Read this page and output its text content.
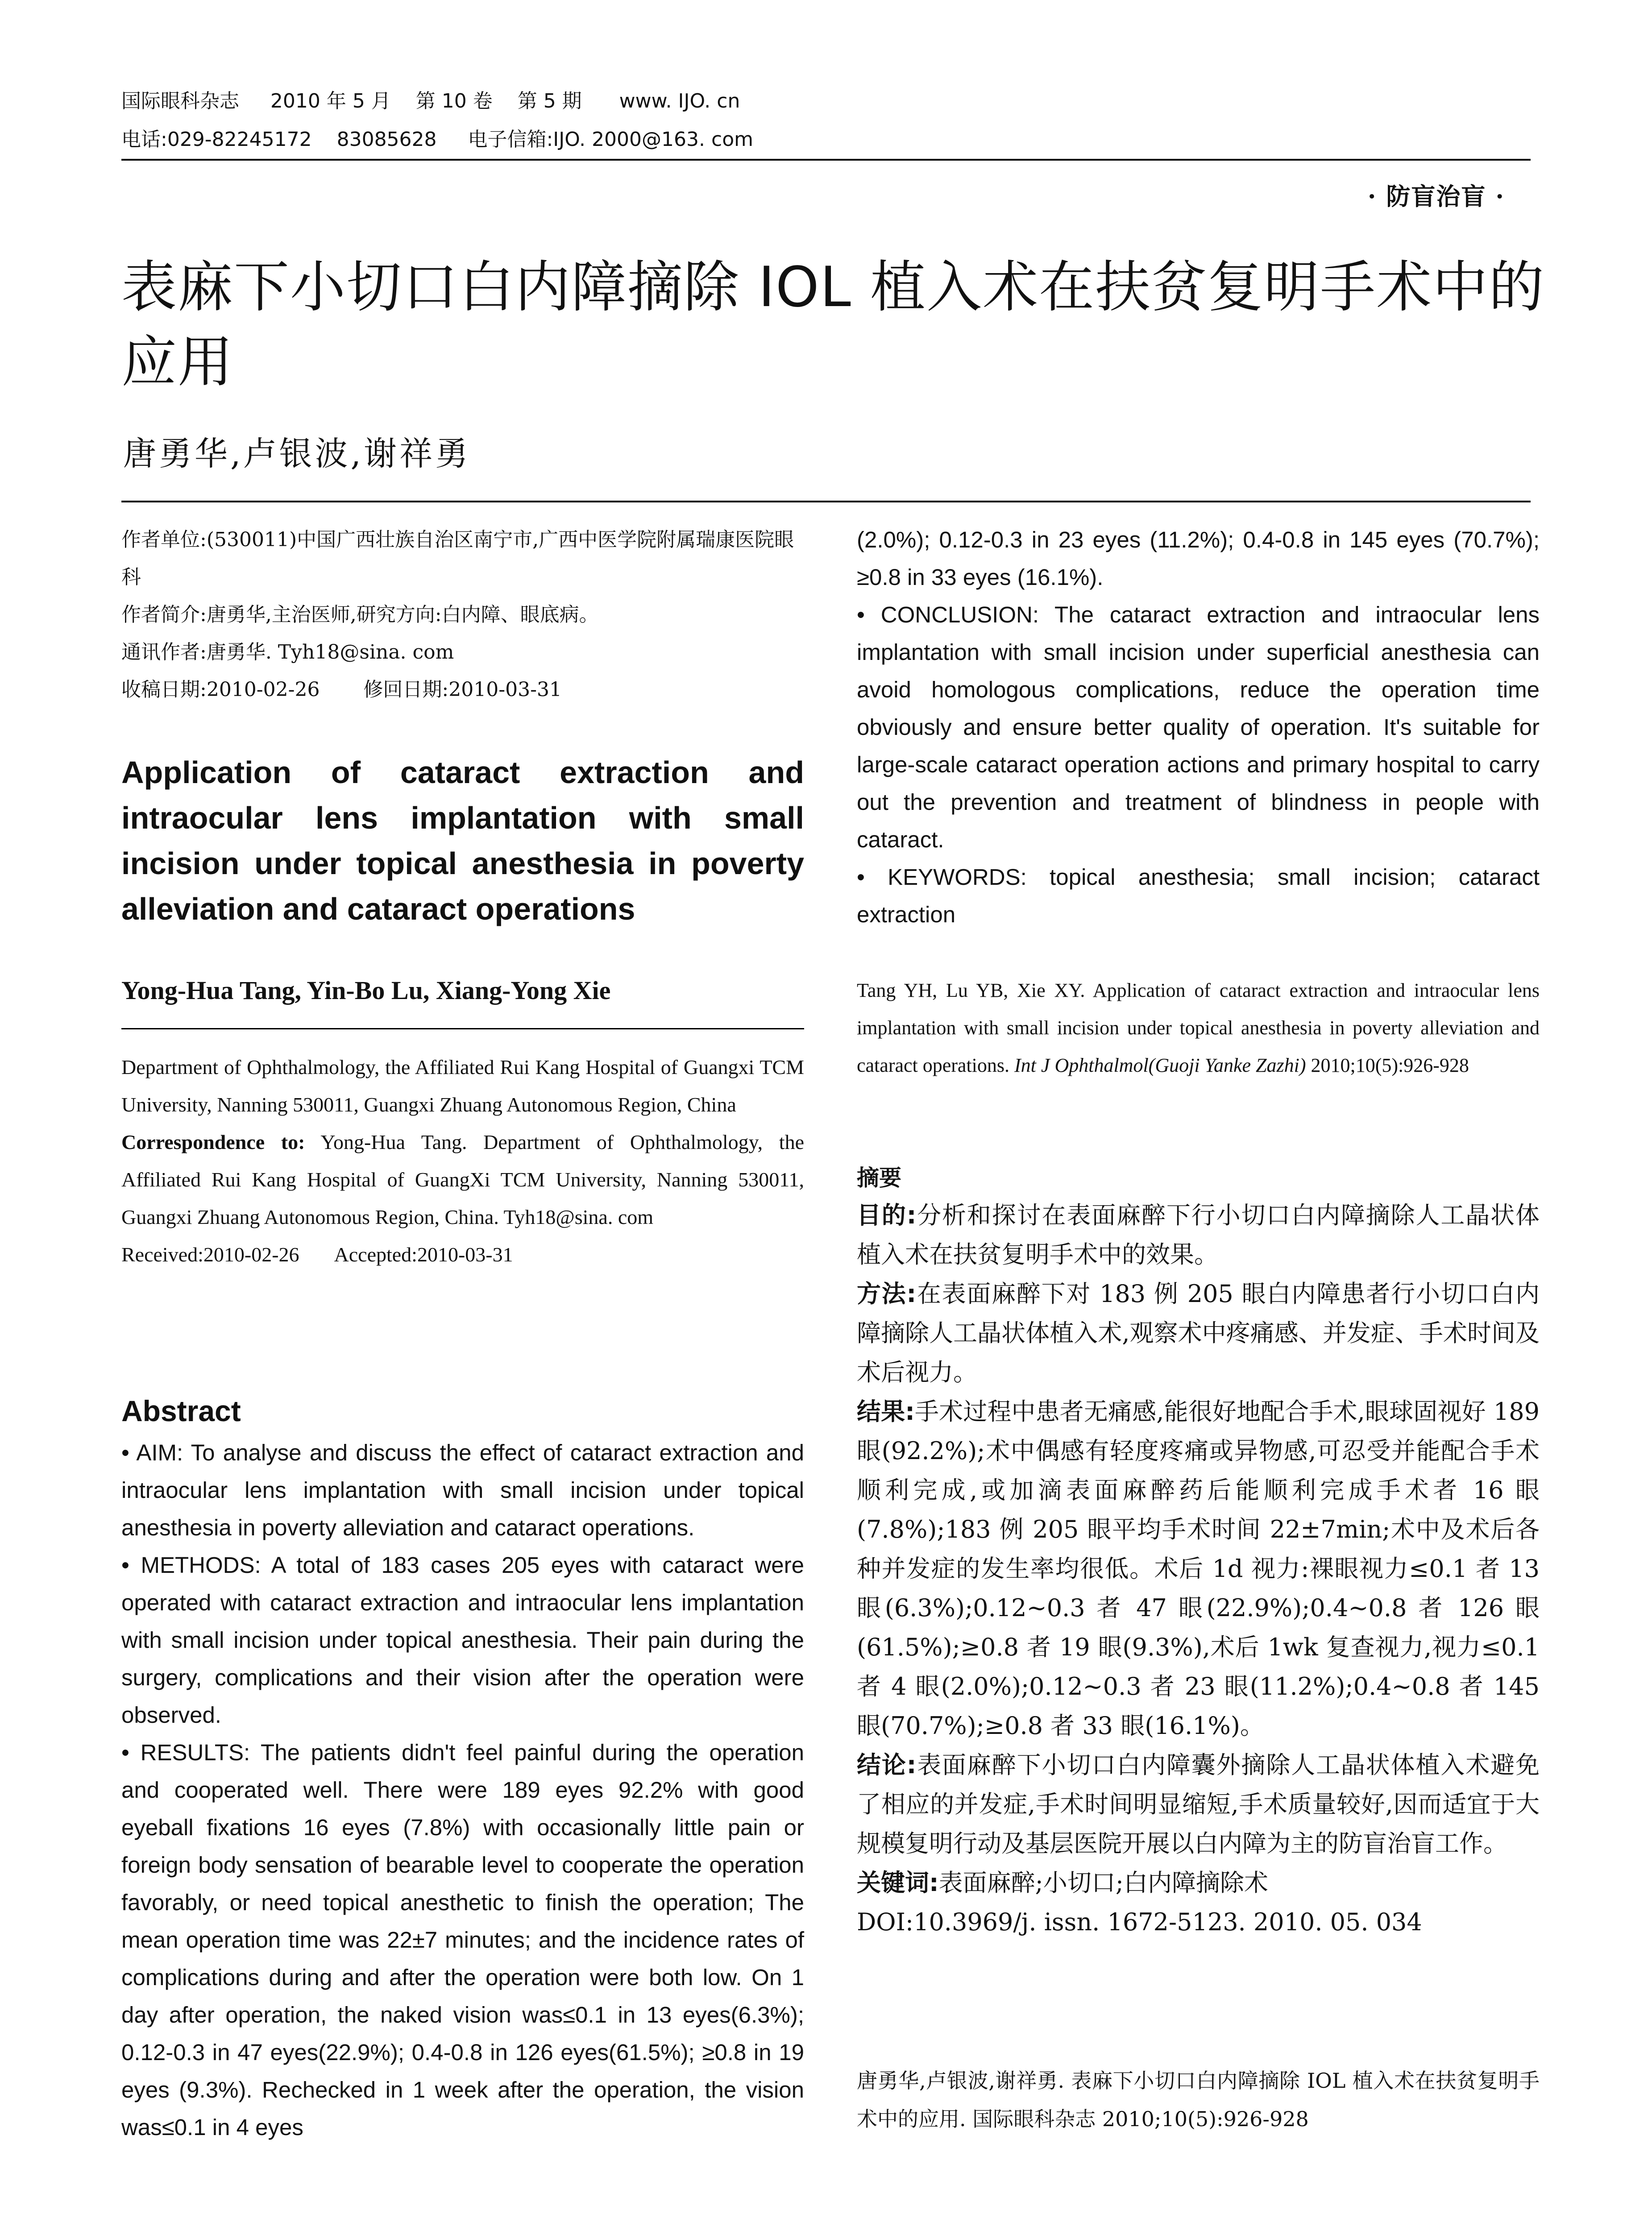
国际眼科杂志     2010 年 5 月    第 10 卷    第 5 期      www. IJO. cn
电话:029-82245172    83085628     电子信箱:IJO. 2000@163. com
· 防盲治盲 ·
表麻下小切口白内障摘除 IOL 植入术在扶贫复明手术中的应用
唐勇华,卢银波,谢祥勇
作者单位:(530011)中国广西壮族自治区南宁市,广西中医学院附属瑞康医院眼科
作者简介:唐勇华,主治医师,研究方向:白内障、眼底病。
通讯作者:唐勇华. Tyh18@sina. com
收稿日期:2010-02-26       修回日期:2010-03-31
Application of cataract extraction and intraocular lens implantation with small incision under topical anesthesia in poverty alleviation and cataract operations
Yong-Hua Tang, Yin-Bo Lu, Xiang-Yong Xie
Department of Ophthalmology, the Affiliated Rui Kang Hospital of Guangxi TCM University, Nanning 530011, Guangxi Zhuang Autonomous Region, China
Correspondence to: Yong-Hua Tang. Department of Ophthalmology, the Affiliated Rui Kang Hospital of GuangXi TCM University, Nanning 530011, Guangxi Zhuang Autonomous Region, China. Tyh18@sina. com
Received:2010-02-26       Accepted:2010-03-31
Abstract

• AIM: To analyse and discuss the effect of cataract extraction and intraocular lens implantation with small incision under topical anesthesia in poverty alleviation and cataract operations.

• METHODS: A total of 183 cases 205 eyes with cataract were operated with cataract extraction and intraocular lens implantation with small incision under topical anesthesia. Their pain during the surgery, complications and their vision after the operation were observed.

• RESULTS: The patients didn't feel painful during the operation and cooperated well. There were 189 eyes 92.2% with good eyeball fixations 16 eyes (7.8%) with occasionally little pain or foreign body sensation of bearable level to cooperate the operation favorably, or need topical anesthetic to finish the operation; The mean operation time was 22±7 minutes; and the incidence rates of complications during and after the operation were both low. On 1 day after operation, the naked vision was≤0.1 in 13 eyes(6.3%); 0.12-0.3 in 47 eyes(22.9%); 0.4-0.8 in 126 eyes(61.5%); ≥0.8 in 19 eyes (9.3%). Rechecked in 1 week after the operation, the vision was≤0.1 in 4 eyes

(2.0%); 0.12-0.3 in 23 eyes (11.2%); 0.4-0.8 in 145 eyes (70.7%); ≥0.8 in 33 eyes (16.1%).

• CONCLUSION: The cataract extraction and intraocular lens implantation with small incision under superficial anesthesia can avoid homologous complications, reduce the operation time obviously and ensure better quality of operation. It's suitable for large-scale cataract operation actions and primary hospital to carry out the prevention and treatment of blindness in people with cataract.

• KEYWORDS: topical anesthesia; small incision; cataract extraction

Tang YH, Lu YB, Xie XY. Application of cataract extraction and intraocular lens implantation with small incision under topical anesthesia in poverty alleviation and cataract operations. Int J Ophthalmol(Guoji Yanke Zazhi) 2010;10(5):926-928
摘要

目的:分析和探讨在表面麻醉下行小切口白内障摘除人工晶状体植入术在扶贫复明手术中的效果。

方法:在表面麻醉下对 183 例 205 眼白内障患者行小切口白内障摘除人工晶状体植入术,观察术中疼痛感、并发症、手术时间及术后视力。

结果:手术过程中患者无痛感,能很好地配合手术,眼球固视好 189 眼(92.2%);术中偶感有轻度疼痛或异物感,可忍受并能配合手术顺利完成,或加滴表面麻醉药后能顺利完成手术者 16 眼(7.8%);183 例 205 眼平均手术时间 22±7min;术中及术后各种并发症的发生率均很低。术后 1d 视力:裸眼视力≤0.1 者 13 眼(6.3%);0.12~0.3 者 47 眼(22.9%);0.4~0.8 者 126 眼(61.5%);≥0.8 者 19 眼(9.3%),术后 1wk 复查视力,视力≤0.1 者 4 眼(2.0%);0.12~0.3 者 23 眼(11.2%);0.4~0.8 者 145 眼(70.7%);≥0.8 者 33 眼(16.1%)。

结论:表面麻醉下小切口白内障囊外摘除人工晶状体植入术避免了相应的并发症,手术时间明显缩短,手术质量较好,因而适宜于大规模复明行动及基层医院开展以白内障为主的防盲治盲工作。

关键词:表面麻醉;小切口;白内障摘除术

DOI:10.3969/j. issn. 1672-5123. 2010. 05. 034

唐勇华,卢银波,谢祥勇. 表麻下小切口白内障摘除 IOL 植入术在扶贫复明手术中的应用. 国际眼科杂志 2010;10(5):926-928
